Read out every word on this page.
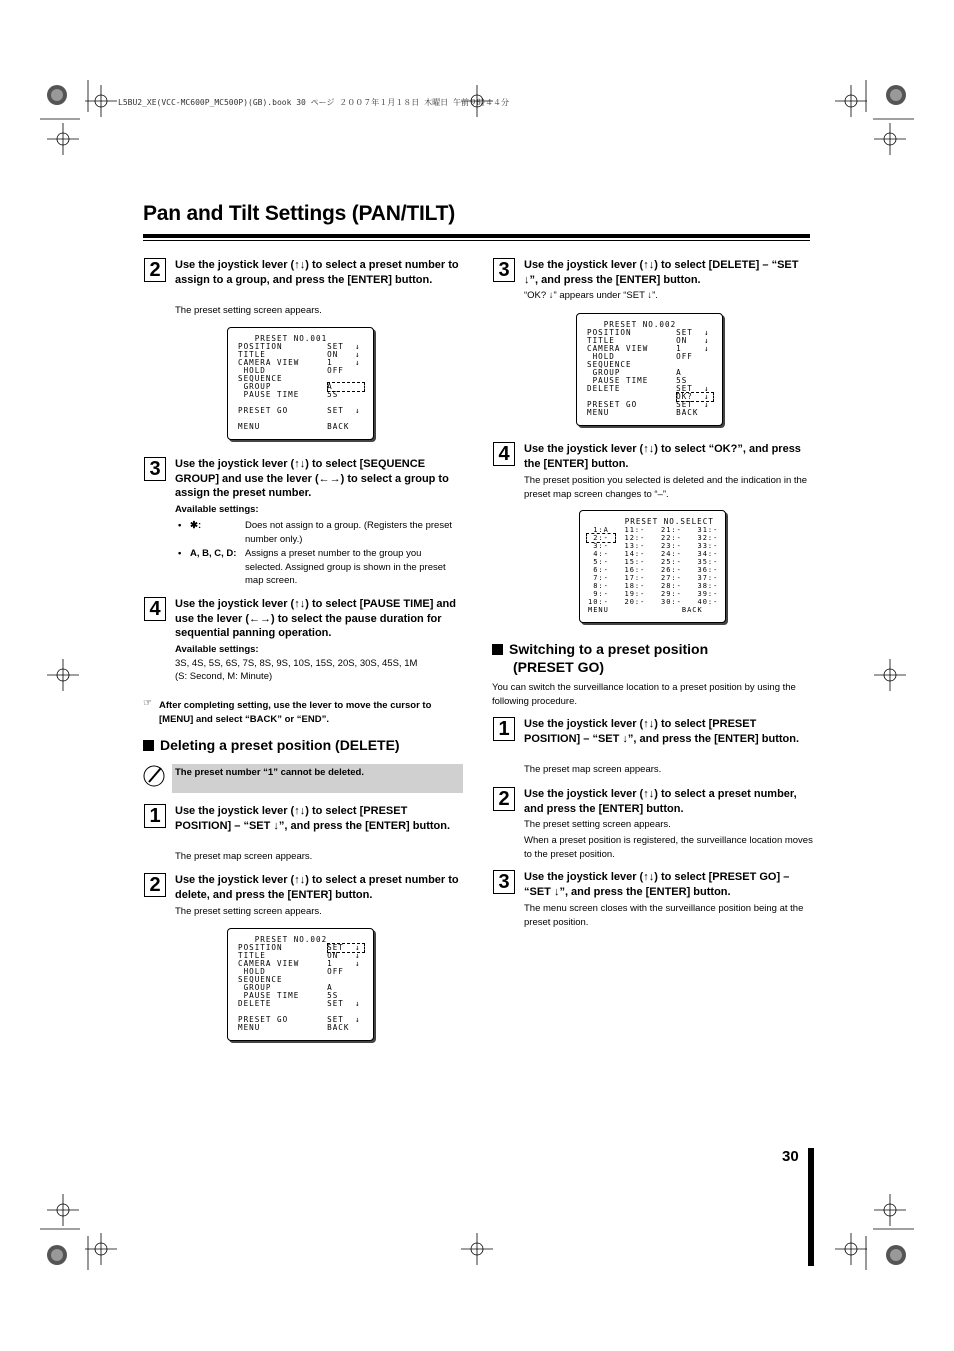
L5BU2_XE(VCC-MC600P_MC500P)(GB).book 30 ページ ２００７年１月１８日 木曜日 午前９時４４分
Pan and Tilt Settings (PAN/TILT)
2	Use the joystick lever (↑↓) to select a preset number to assign to a group, and press the [ENTER] button.
The preset setting screen appears.
PRESET NO.001
POSITION        SET  ↓
TITLE           ON   ↓
CAMERA VIEW     1    ↓
HOLD           OFF
SEQUENCE
GROUP          A
PAUSE TIME     5S
PRESET GO       SET  ↓
MENU            BACK
3	Use the joystick lever (↑↓) to select [SEQUENCE GROUP] and use the lever (←→) to select a group to assign the preset number.
Available settings:
• ✱:	Does not assign to a group. (Registers the preset number only.)
• A, B, C, D: Assigns a preset number to the group you selected. Assigned group is shown in the preset map screen.
4	Use the joystick lever (↑↓) to select [PAUSE TIME] and use the lever (←→) to select the pause duration for sequential panning operation.
Available settings:
3S, 4S, 5S, 6S, 7S, 8S, 9S, 10S, 15S, 20S, 30S, 45S, 1M
(S: Second, M: Minute)
☞ After completing setting, use the lever to move the cursor to [MENU] and select “BACK” or “END”.
Deleting a preset position (DELETE)
The preset number “1” cannot be deleted.
1	Use the joystick lever (↑↓) to select [PRESET POSITION] – “SET ↓”, and press the [ENTER] button.
The preset map screen appears.
2	Use the joystick lever (↑↓) to select a preset number to delete, and press the [ENTER] button.
The preset setting screen appears.
PRESET NO.002
POSITION        SET  ↓
TITLE           ON   ↓
CAMERA VIEW     1    ↓
HOLD           OFF
SEQUENCE
GROUP          A
PAUSE TIME     5S
DELETE          SET  ↓
PRESET GO       SET  ↓
MENU            BACK
3	Use the joystick lever (↑↓) to select [DELETE] – “SET ↓”, and press the [ENTER] button.
“OK? ↓” appears under “SET ↓”.
PRESET NO.002
POSITION        SET  ↓
TITLE           ON   ↓
CAMERA VIEW     1    ↓
HOLD           OFF
SEQUENCE
GROUP          A
PAUSE TIME     5S
DELETE          SET  ↓
OK?  ↓
PRESET GO       SET  ↓
MENU            BACK
4	Use the joystick lever (↑↓) to select “OK?”, and press the [ENTER] button.
The preset position you selected is deleted and the indication in the preset map screen changes to “–”.
PRESET NO.SELECT
1:A   11:-   21:-   31:-
2:-   12:-   22:-   32:-
3:-   13:-   23:-   33:-
4:-   14:-   24:-   34:-
5:-   15:-   25:-   35:-
6:-   16:-   26:-   36:-
7:-   17:-   27:-   37:-
8:-   18:-   28:-   38:-
9:-   19:-   29:-   39:-
10:-   20:-   30:-   40:-
MENU              BACK
Switching to a preset position
(PRESET GO)
You can switch the surveillance location to a preset position by using the following procedure.
1	Use the joystick lever (↑↓) to select [PRESET POSITION] – “SET ↓”, and press the [ENTER] button.
The preset map screen appears.
2	Use the joystick lever (↑↓) to select a preset number, and press the [ENTER] button.
The preset setting screen appears.
When a preset position is registered, the surveillance location moves to the preset position.
3	Use the joystick lever (↑↓) to select [PRESET GO] – “SET ↓”, and press the [ENTER] button.
The menu screen closes with the surveillance position being at the preset position.
30
